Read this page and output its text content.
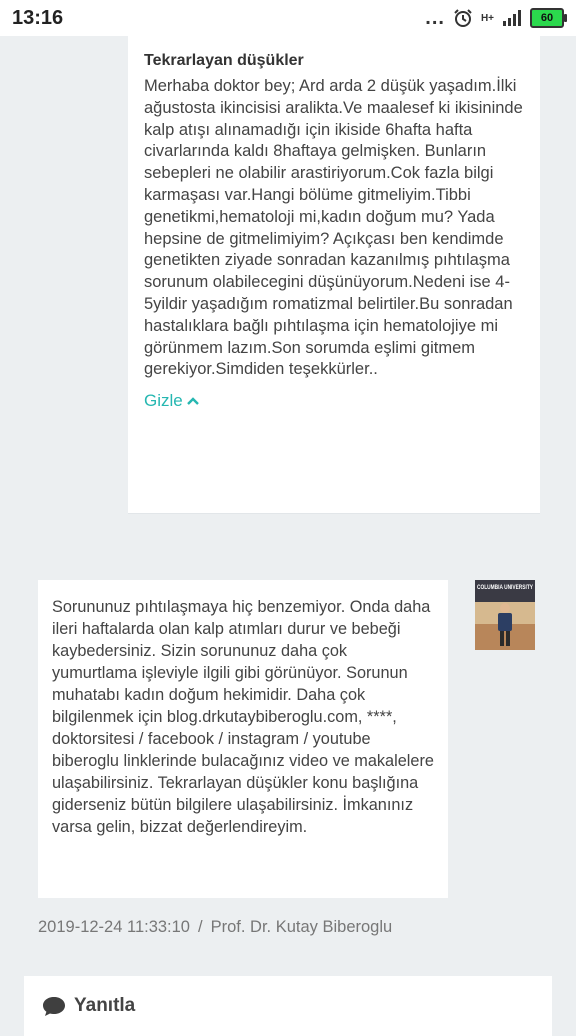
13:16	...	H+	60
Tekrarlayan düşükler

Merhaba doktor bey; Ard arda 2 düşük yaşadım.İlki ağustosta ikincisisi aralikta.Ve maalesef ki ikisininde kalp atışı alınamadığı için ikiside 6hafta hafta civarlarında kaldı 8haftaya gelmişken. Bunların sebepleri ne olabilir arastiriyorum.Cok fazla bilgi karmaşası var.Hangi bölüme gitmeliyim.Tibbi genetikmi,hematoloji mi,kadın doğum mu? Yada hepsine de gitmelimiyim? Açıkçası ben kendimde genetikten ziyade sonradan kazanılmış pıhtılaşma sorunum olabilecegini düşünüyorum.Nedeni ise 4-5yildir yaşadığım romatizmal belirtiler.Bu sonradan hastalıklara bağlı pıhtılaşma için hematolojiye mi görünmem lazım.Son sorumda eşlimi gitmem gerekiyor.Simdiden teşekkürler..

Gizle

Sorununuz pıhtılaşmaya hiç benzemiyor. Onda daha ileri haftalarda olan kalp atımları durur ve bebeği kaybedersiniz. Sizin sorununuz daha çok yumurtlama işleviyle ilgili gibi görünüyor. Sorunun muhatabı kadın doğum hekimidir. Daha çok bilgilenmek için blog.drkutaybiberoglu.com, ****, doktorsitesi / facebook / instagram / youtube biberoglu linklerinde bulacağınız video ve makalelere ulaşabilirsiniz. Tekrarlayan düşükler konu başlığına giderseniz bütün bilgilere ulaşabilirsiniz. İmkanınız varsa gelin, bizzat değerlendireyim.

COLUMBIA UNIVERSITY
2019-12-24 11:33:10 / Prof. Dr. Kutay Biberoglu
Yanıtla
